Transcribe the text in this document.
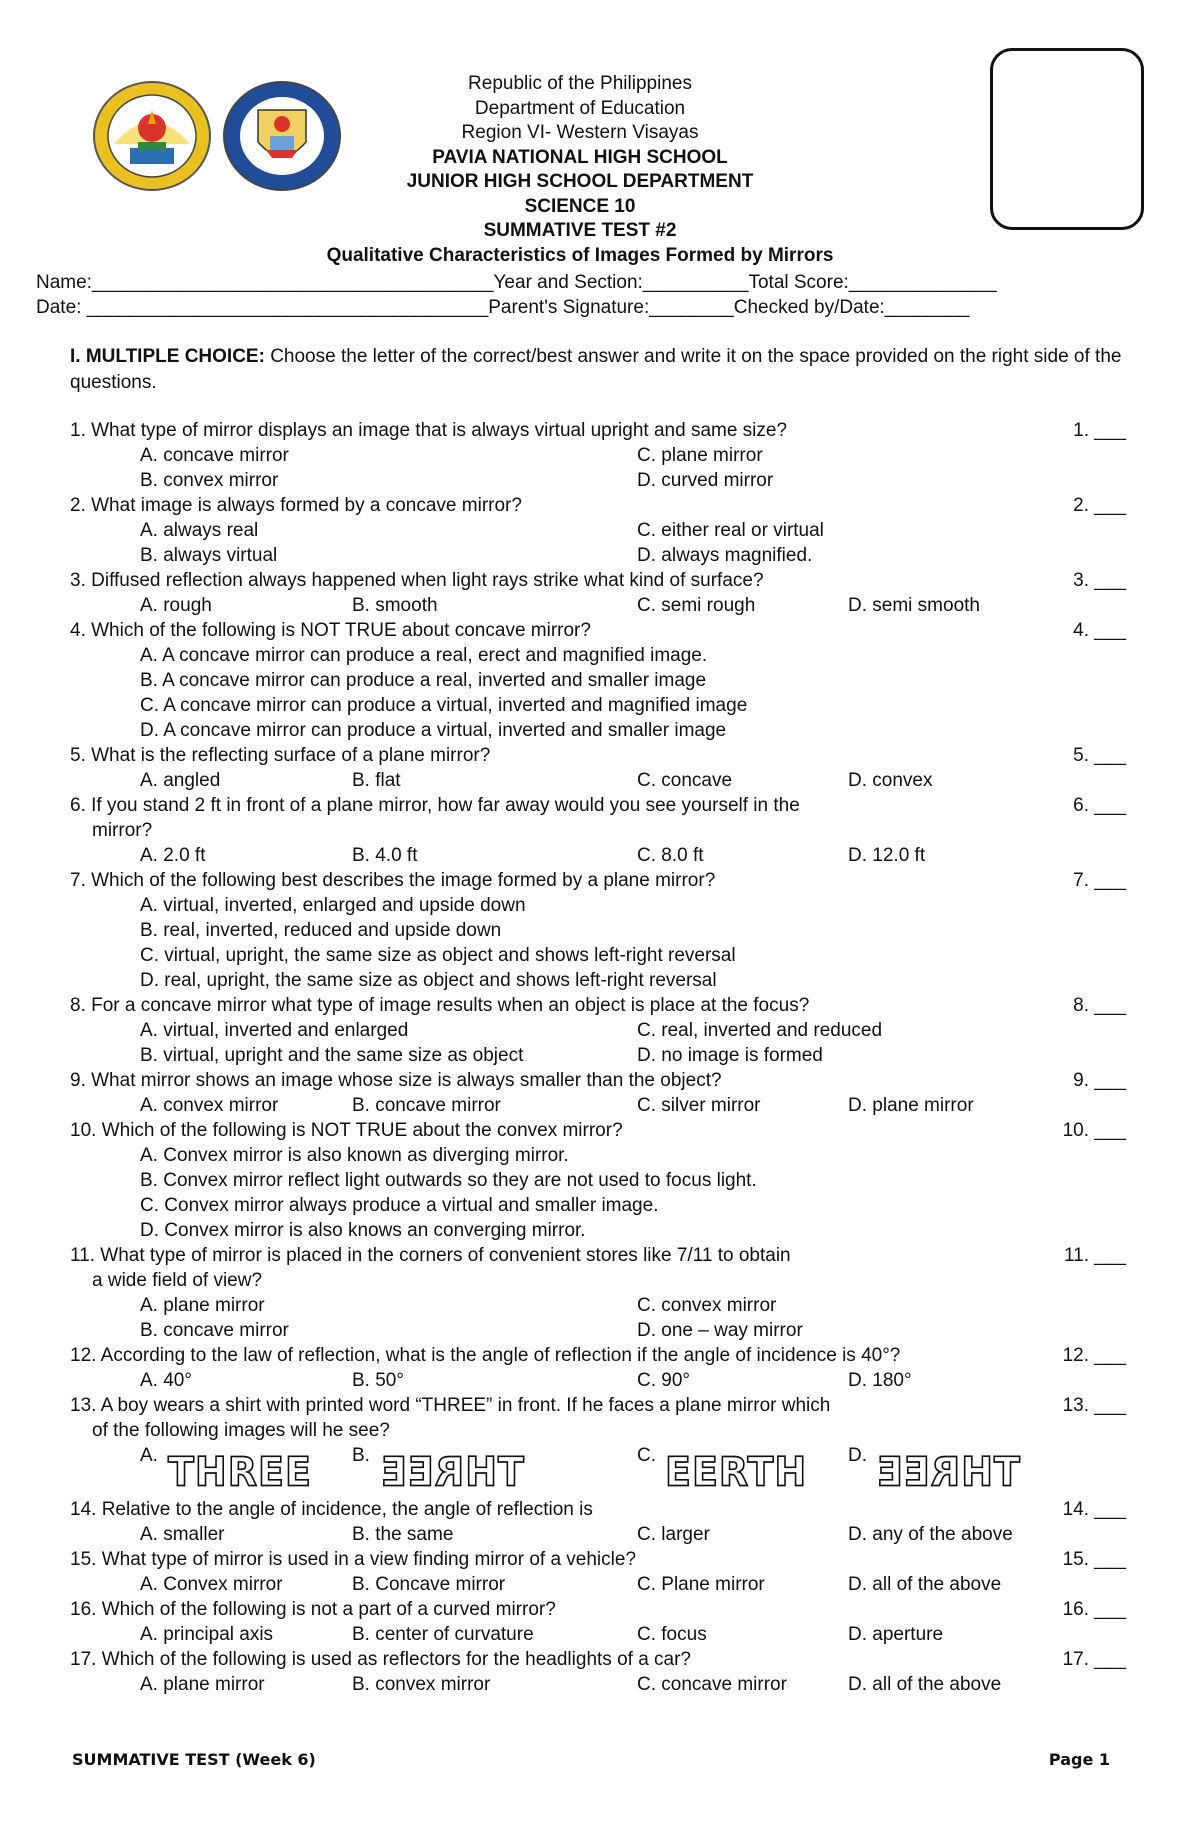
Republic of the Philippines
Department of Education
Region VI- Western Visayas
PAVIA NATIONAL HIGH SCHOOL
JUNIOR HIGH SCHOOL DEPARTMENT
SCIENCE 10
SUMMATIVE TEST #2
Qualitative Characteristics of Images Formed by Mirrors
Name:______________________________________Year and Section:__________Total Score:______________
Date: ______________________________________Parent's Signature:________Checked by/Date:________
I. MULTIPLE CHOICE: Choose the letter of the correct/best answer and write it on the space provided on the right side of the questions.
1. What type of mirror displays an image that is always virtual upright and same size?	1. ___
A. concave mirror	C. plane mirror
B. convex mirror	D. curved mirror
2. What image is always formed by a concave mirror?	2. ___
A. always real	C. either real or virtual
B. always virtual	D. always magnified.
3. Diffused reflection always happened when light rays strike what kind of surface?	3. ___
A. rough	B. smooth	C. semi rough	D. semi smooth
4. Which of the following is NOT TRUE about concave mirror?	4. ___
A. A concave mirror can produce a real, erect and magnified image.
B. A concave mirror can produce a real, inverted and smaller image
C. A concave mirror can produce a virtual, inverted and magnified image
D. A concave mirror can produce a virtual, inverted and smaller image
5. What is the reflecting surface of a plane mirror?	5. ___
A. angled	B. flat	C. concave	D. convex
6. If you stand 2 ft in front of a plane mirror, how far away would you see yourself in the	6. ___
mirror?
A. 2.0 ft	B. 4.0 ft	C. 8.0 ft	D. 12.0 ft
7. Which of the following best describes the image formed by a plane mirror?	7. ___
A. virtual, inverted, enlarged and upside down
B. real, inverted, reduced and upside down
C. virtual, upright, the same size as object and shows left-right reversal
D. real, upright, the same size as object and shows left-right reversal
8. For a concave mirror what type of image results when an object is place at the focus?	8. ___
A. virtual, inverted and enlarged	C. real, inverted and reduced
B. virtual, upright and the same size as object	D. no image is formed
9. What mirror shows an image whose size is always smaller than the object?	9. ___
A. convex mirror	B. concave mirror	C. silver mirror	D. plane mirror
10. Which of the following is NOT TRUE about the convex mirror?	10. ___
A. Convex mirror is also known as diverging mirror.
B. Convex mirror reflect light outwards so they are not used to focus light.
C. Convex mirror always produce a virtual and smaller image.
D. Convex mirror is also knows an converging mirror.
11. What type of mirror is placed in the corners of convenient stores like 7/11 to obtain	11. ___
a wide field of view?
A. plane mirror	C. convex mirror
B. concave mirror	D. one – way mirror
12. According to the law of reflection, what is the angle of reflection if the angle of incidence is 40°?	12. ___
A. 40°	B. 50°	C. 90°	D. 180°
13. A boy wears a shirt with printed word “THREE” in front. If he faces a plane mirror which	13. ___
of the following images will he see?
A. THREE B. THREE	C. EERTH D. THREE
14. Relative to the angle of incidence, the angle of reflection is	14. ___
A. smaller	B. the same	C. larger	D. any of the above
15. What type of mirror is used in a view finding mirror of a vehicle?	15. ___
A. Convex mirror	B. Concave mirror	C. Plane mirror	D. all of the above
16. Which of the following is not a part of a curved mirror?	16. ___
A. principal axis	B. center of curvature	C. focus	D. aperture
17. Which of the following is used as reflectors for the headlights of a car?	17. ___
A. plane mirror	B. convex mirror	C. concave mirror	D. all of the above
SUMMATIVE TEST (Week 6)	Page 1
